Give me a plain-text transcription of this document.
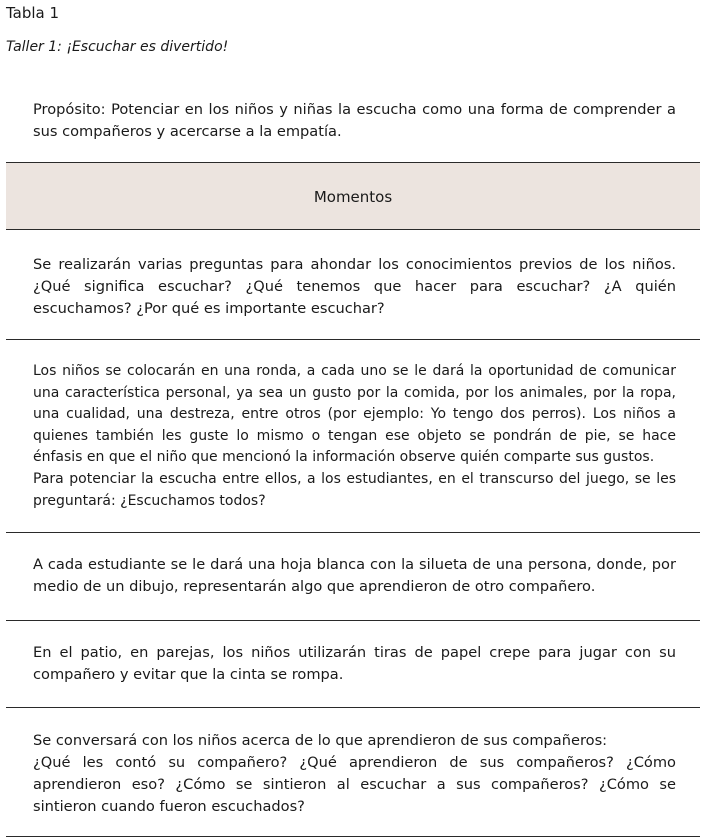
Tabla 1
Taller 1: ¡Escuchar es divertido!
Propósito: Potenciar en los niños y niñas la escucha como una forma de comprender a sus compañeros y acercarse a la empatía.
Momentos
Se realizarán varias preguntas para ahondar los conocimientos previos de los niños. ¿Qué significa escuchar? ¿Qué tenemos que hacer para escuchar? ¿A quién escuchamos? ¿Por qué es importante escuchar?
Los niños se colocarán en una ronda, a cada uno se le dará la oportunidad de comunicar una característica personal, ya sea un gusto por la comida, por los animales, por la ropa, una cualidad, una destreza, entre otros (por ejemplo: Yo tengo dos perros). Los niños a quienes también les guste lo mismo o tengan ese objeto se pondrán de pie, se hace énfasis en que el niño que mencionó la información observe quién comparte sus gustos.
Para potenciar la escucha entre ellos, a los estudiantes, en el transcurso del juego, se les preguntará: ¿Escuchamos todos?
A cada estudiante se le dará una hoja blanca con la silueta de una persona, donde, por medio de un dibujo, representarán algo que aprendieron de otro compañero.
En el patio, en parejas, los niños utilizarán tiras de papel crepe para jugar con su compañero y evitar que la cinta se rompa.
Se conversará con los niños acerca de lo que aprendieron de sus compañeros:
¿Qué les contó su compañero? ¿Qué aprendieron de sus compañeros? ¿Cómo aprendieron eso? ¿Cómo se sintieron al escuchar a sus compañeros? ¿Cómo se sintieron cuando fueron escuchados?
